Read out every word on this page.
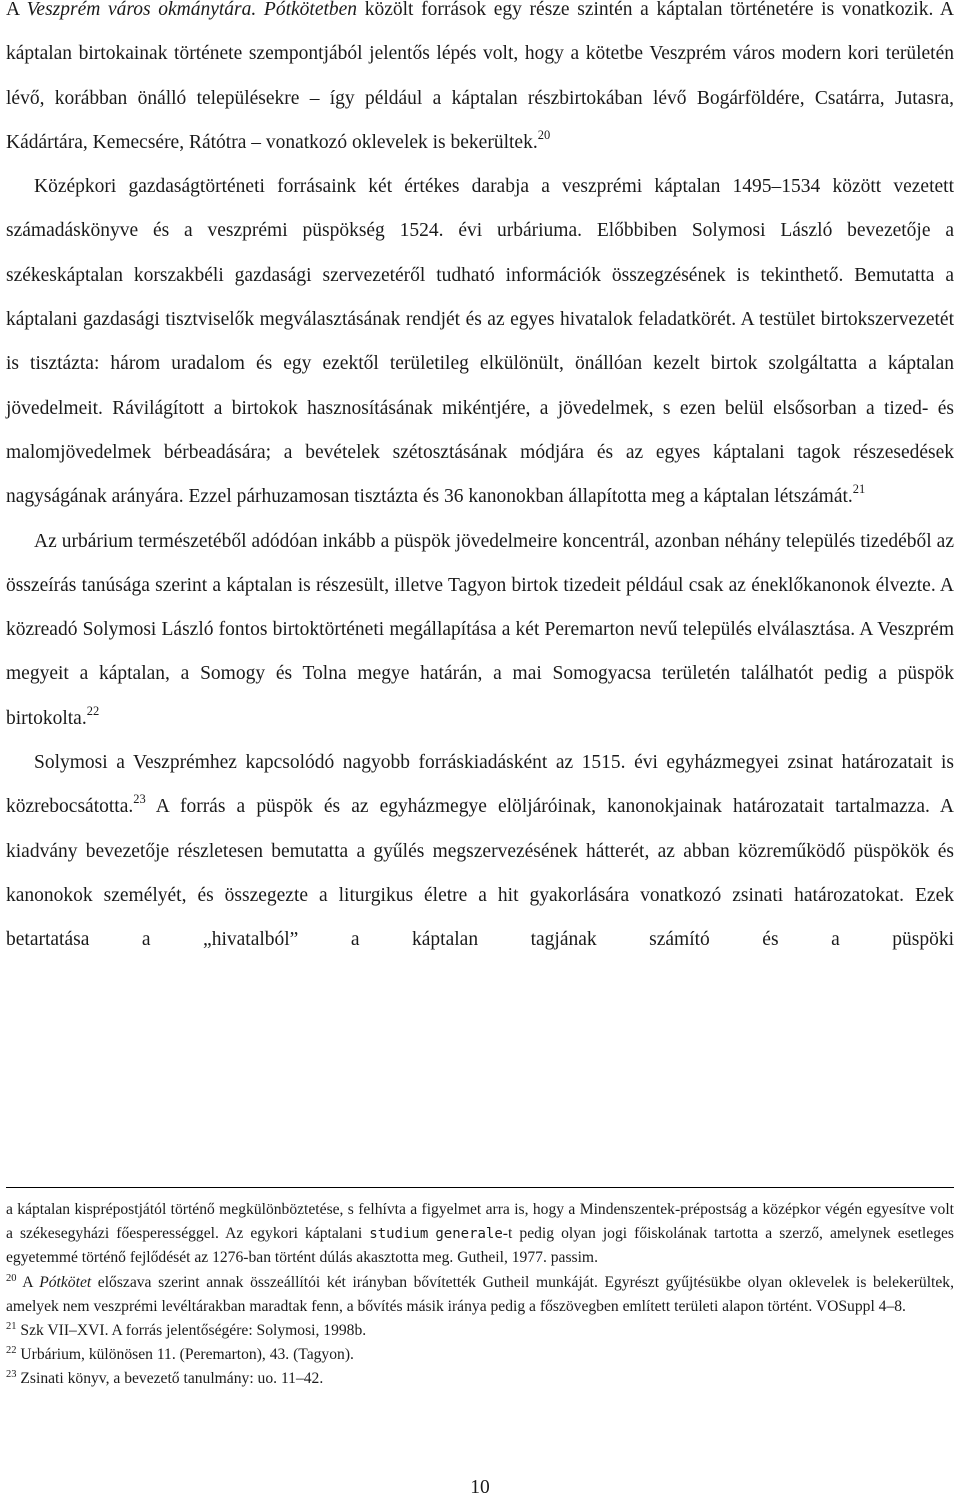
A Veszprém város okmánytára. Pótkötetben közölt források egy része szintén a káptalan történetére is vonatkozik. A káptalan birtokainak története szempontjából jelentős lépés volt, hogy a kötetbe Veszprém város modern kori területén lévő, korábban önálló településekre – így például a káptalan részbirtokában lévő Bogárföldére, Csatárra, Jutasra, Kádártára, Kemecsére, Rátótra – vonatkozó oklevelek is bekerültek.$^{20}$

Középkori gazdaságtörténeti forrásaink két értékes darabja a veszprémi káptalan 1495–1534 között vezetett számadáskönyve és a veszprémi püspökség 1524. évi urbáriuma. Előbbiben Solymosi László bevezetője a székeskáptalan korszakbéli gazdasági szervezetéről tudható információk összegzésének is tekinthető. Bemutatta a káptalani gazdasági tisztviselők megválasztásának rendjét és az egyes hivatalok feladatkörét. A testület birtokszervezetét is tisztázta: három uradalom és egy ezektől területileg elkülönült, önállóan kezelt birtok szolgáltatta a káptalan jövedelmeit. Rávilágított a birtokok hasznosításának mikéntjére, a jövedelmek, s ezen belül elsősorban a tized- és malomjövedelmek bérbeadására; a bevételek szétosztásának módjára és az egyes káptalani tagok részesedések nagyságának arányára. Ezzel párhuzamosan tisztázta és 36 kanonokban állapította meg a káptalan létszámát.$^{21}$

Az urbárium természetéből adódóan inkább a püspök jövedelmeire koncentrál, azonban néhány település tizedéből az összeírás tanúsága szerint a káptalan is részesült, illetve Tagyon birtok tizedeit például csak az éneklőkanonok élvezte. A közreadó Solymosi László fontos birtoktörténeti megállapítása a két Peremarton nevű település elválasztása. A Veszprém megyeit a káptalan, a Somogy és Tolna megye határán, a mai Somogyacsa területén találhatót pedig a püspök birtokolta.$^{22}$

Solymosi a Veszprémhez kapcsolódó nagyobb forráskiadásként az 1515. évi egyházmegyei zsinat határozatait is közrebocsátotta.$^{23}$ A forrás a püspök és az egyházmegye elöljáróinak, kanonokjainak határozatait tartalmazza. A kiadvány bevezetője részletesen bemutatta a gyűlés megszervezésének hátterét, az abban közreműködő püspökök és kanonokok személyét, és összegezte a liturgikus életre a hit gyakorlására vonatkozó zsinati határozatokat. Ezek betartatása a „hivatalból” a káptalan tagjának számító és a püspöki

a káptalan kisprépostjától történő megkülönböztetése, s felhívta a figyelmet arra is, hogy a Mindenszentek-prépostság a középkor végén egyesítve volt a székesegyházi főesperességgel. Az egykori káptalani studium generale-t pedig olyan jogi főiskolának tartotta a szerző, amelynek esetleges egyetemmé történő fejlődését az 1276-ban történt dúlás akasztotta meg. Gutheil, 1977. passim.

$^{20}$ A Pótkötet előszava szerint annak összeállítói két irányban bővítették Gutheil munkáját. Egyrészt gyűjtésükbe olyan oklevelek is belekerültek, amelyek nem veszprémi levéltárakban maradtak fenn, a bővítés másik iránya pedig a főszövegben említett területi alapon történt. VOSuppl 4–8.

$^{21}$ Szk VII–XVI. A forrás jelentőségére: Solymosi, 1998b.

$^{22}$ Urbárium, különösen 11. (Peremarton), 43. (Tagyon).

$^{23}$ Zsinati könyv, a bevezető tanulmány: uo. 11–42.

10
